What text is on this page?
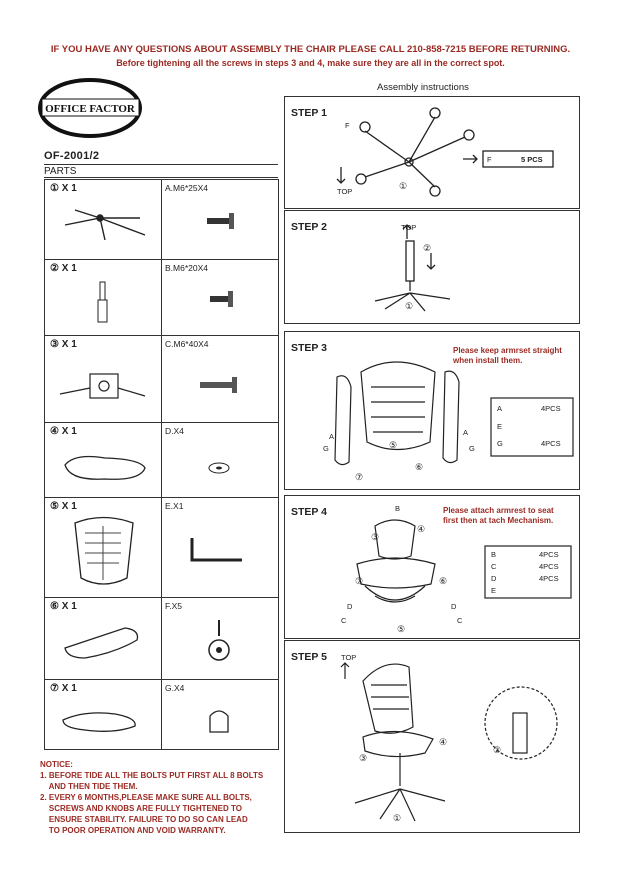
IF YOU HAVE ANY QUESTIONS ABOUT ASSEMBLY THE CHAIR PLEASE CALL 210-858-7215 BEFORE RETURNING.
Before tightening all the screws in steps 3 and 4, make sure they are all in the correct spot.
OFFICE FACTOR
OF-2001/2
PARTS
Assembly instructions
① X 1	A.M6*25X4

② X 1	B.M6*20X4

③ X 1	C.M6*40X4

④ X 1	D.X4

⑤ X 1	E.X1

⑥ X 1	F.X5

⑦ X 1	G.X4
STEP 1
F
TOP
①
F	5 PCS
STEP 2	TOP
②
①
STEP 3	Please keep armrset straight
when install them.
A	4PCS
E
G	4PCS
⑤
⑥
⑦
A
G
A
G
STEP 4	Please attach armrest to seat
first then at tach Mechanism.
B	4PCS
C	4PCS
D	4PCS
E
③
④
⑤
⑥
⑦
B
D
C
D
C
STEP 5 TOP
①
②
③
④
NOTICE:
1. BEFORE TIDE ALL THE BOLTS PUT FIRST ALL 8 BOLTS
AND THEN TIDE THEM.
2. EVERY 6 MONTHS,PLEASE MAKE SURE ALL BOLTS,
SCREWS AND KNOBS ARE FULLY TIGHTENED TO
ENSURE STABILITY. FAILURE TO DO SO CAN LEAD
TO POOR OPERATION AND VOID WARRANTY.
